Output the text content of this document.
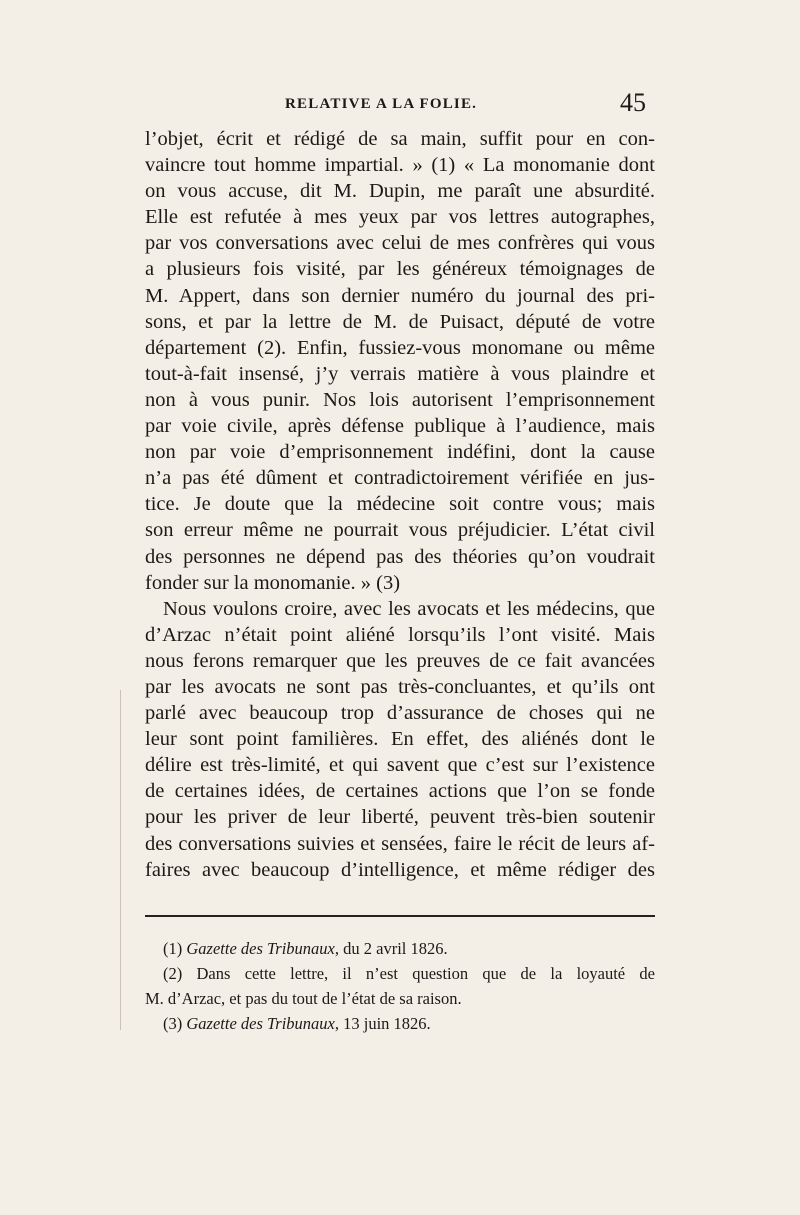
RELATIVE A LA FOLIE.	45
l’objet, écrit et rédigé de sa main, suffit pour en con-
vaincre tout homme impartial. » (1) « La monomanie dont
on vous accuse, dit M. Dupin, me paraît une absurdité.
Elle est refutée à mes yeux par vos lettres autographes,
par vos conversations avec celui de mes confrères qui vous
a plusieurs fois visité, par les généreux témoignages de
M. Appert, dans son dernier numéro du journal des pri-
sons, et par la lettre de M. de Puisact, député de votre
département (2). Enfin, fussiez-vous monomane ou même
tout-à-fait insensé, j’y verrais matière à vous plaindre et
non à vous punir. Nos lois autorisent l’emprisonnement
par voie civile, après défense publique à l’audience, mais
non par voie d’emprisonnement indéfini, dont la cause
n’a pas été dûment et contradictoirement vérifiée en jus-
tice. Je doute que la médecine soit contre vous; mais
son erreur même ne pourrait vous préjudicier. L’état civil
des personnes ne dépend pas des théories qu’on voudrait
fonder sur la monomanie. » (3)
Nous voulons croire, avec les avocats et les médecins, que
d’Arzac n’était point aliéné lorsqu’ils l’ont visité. Mais
nous ferons remarquer que les preuves de ce fait avancées
par les avocats ne sont pas très-concluantes, et qu’ils ont
parlé avec beaucoup trop d’assurance de choses qui ne
leur sont point familières. En effet, des aliénés dont le
délire est très-limité, et qui savent que c’est sur l’existence
de certaines idées, de certaines actions que l’on se fonde
pour les priver de leur liberté, peuvent très-bien soutenir
des conversations suivies et sensées, faire le récit de leurs af-
faires avec beaucoup d’intelligence, et même rédiger des
(1) Gazette des Tribunaux, du 2 avril 1826.
(2) Dans cette lettre, il n’est question que de la loyauté de
M. d’Arzac, et pas du tout de l’état de sa raison.
(3) Gazette des Tribunaux, 13 juin 1826.
